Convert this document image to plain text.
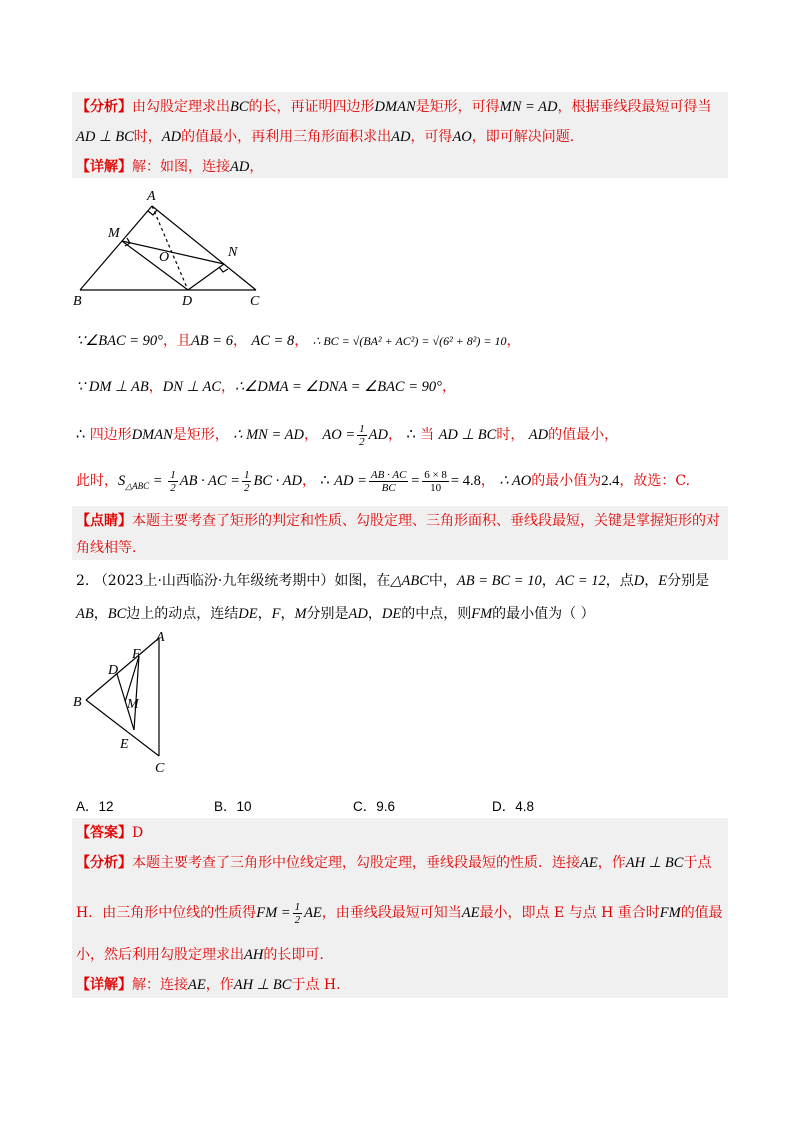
【分析】由勾股定理求出BC的长，再证明四边形DMAN是矩形，可得MN = AD，根据垂线段最短可得当
AD ⊥ BC时，AD的值最小，再利用三角形面积求出AD，可得AO，即可解决问题.
【详解】解：如图，连接AD，
A
M
O	N
B	D	C
∵∠BAC = 90°，且AB = 6， AC = 8， ∴ BC = √(BA² + AC²) = √(6² + 8²) = 10，
∵ DM ⊥ AB，DN ⊥ AC，∴∠DMA = ∠DNA = ∠BAC = 90°，
∴ 四边形DMAN是矩形， ∴ MN = AD， AO = $\frac{1}{2}$ AD， ∴ 当 AD ⊥ BC时， AD的值最小，
此时，$S_{\triangle ABC} = \frac{1}{2}$ AB · AC = $\frac{1}{2}$ BC · AD， ∴ AD = $\frac{AB \cdot AC}{BC} = \frac{6 \times 8}{10} = 4.8$， ∴ AO的最小值为2.4，故选：C.
【点睛】本题主要考查了矩形的判定和性质、勾股定理、三角形面积、垂线段最短，关键是掌握矩形的对
角线相等.
2. （2023上·山西临汾·九年级统考期中）如图，在△ABC中，AB = BC = 10，AC = 12，点D，E分别是
AB，BC边上的动点，连结DE，F，M分别是AD，DE的中点，则FM的最小值为（ ）
A
F
D
B	M
E
C
A．12	B．10	C．9.6	D．4.8
【答案】D
【分析】本题主要考查了三角形中位线定理，勾股定理，垂线段最短的性质．连接AE，作AH ⊥ BC于点
H．由三角形中位线的性质得FM = $\frac{1}{2}$ AE，由垂线段最短可知当AE最小，即点 E 与点 H 重合时FM的值最
小，然后利用勾股定理求出AH的长即可.
【详解】解：连接AE，作AH ⊥ BC于点 H.
